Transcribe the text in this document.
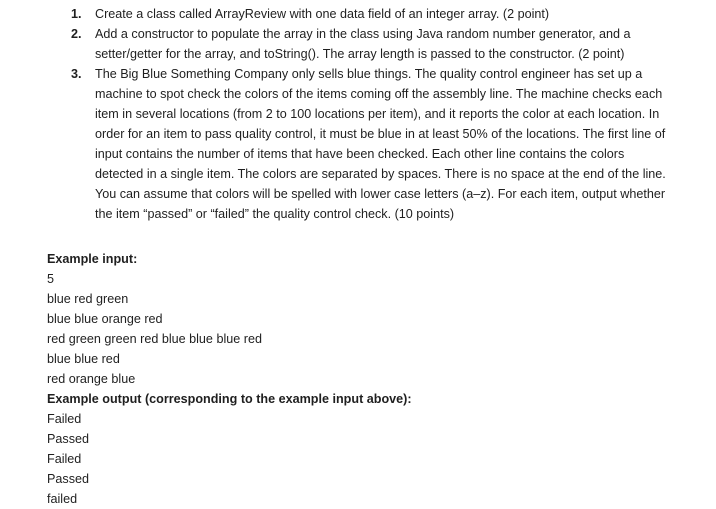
1. Create a class called ArrayReview with one data field of an integer array. (2 point)
2. Add a constructor to populate the array in the class using Java random number generator, and a setter/getter for the array, and toString(). The array length is passed to the constructor. (2 point)
3. The Big Blue Something Company only sells blue things. The quality control engineer has set up a machine to spot check the colors of the items coming off the assembly line. The machine checks each item in several locations (from 2 to 100 locations per item), and it reports the color at each location. In order for an item to pass quality control, it must be blue in at least 50% of the locations. The first line of input contains the number of items that have been checked. Each other line contains the colors detected in a single item. The colors are separated by spaces. There is no space at the end of the line. You can assume that colors will be spelled with lower case letters (a–z). For each item, output whether the item “passed” or “failed” the quality control check. (10 points)
Example input:
5
blue red green
blue blue orange red
red green green red blue blue blue red
blue blue red
red orange blue
Example output (corresponding to the example input above):
Failed
Passed
Failed
Passed
failed
